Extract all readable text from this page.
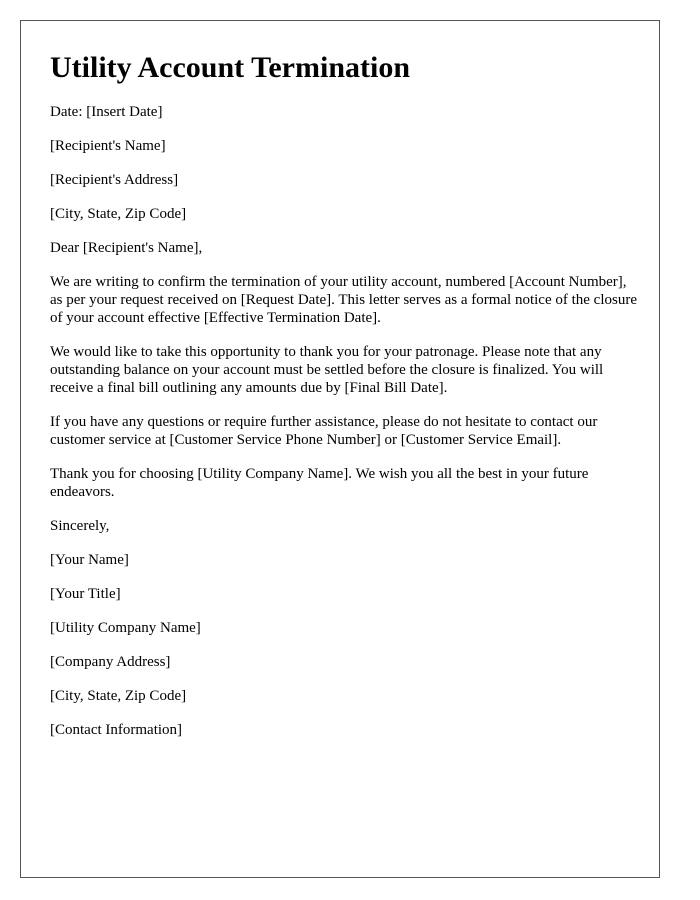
Utility Account Termination

Date: [Insert Date]

[Recipient's Name]

[Recipient's Address]

[City, State, Zip Code]

Dear [Recipient's Name],

We are writing to confirm the termination of your utility account, numbered [Account Number], as per your request received on [Request Date]. This letter serves as a formal notice of the closure of your account effective [Effective Termination Date].

We would like to take this opportunity to thank you for your patronage. Please note that any outstanding balance on your account must be settled before the closure is finalized. You will receive a final bill outlining any amounts due by [Final Bill Date].

If you have any questions or require further assistance, please do not hesitate to contact our customer service at [Customer Service Phone Number] or [Customer Service Email].

Thank you for choosing [Utility Company Name]. We wish you all the best in your future endeavors.

Sincerely,

[Your Name]

[Your Title]

[Utility Company Name]

[Company Address]

[City, State, Zip Code]

[Contact Information]
